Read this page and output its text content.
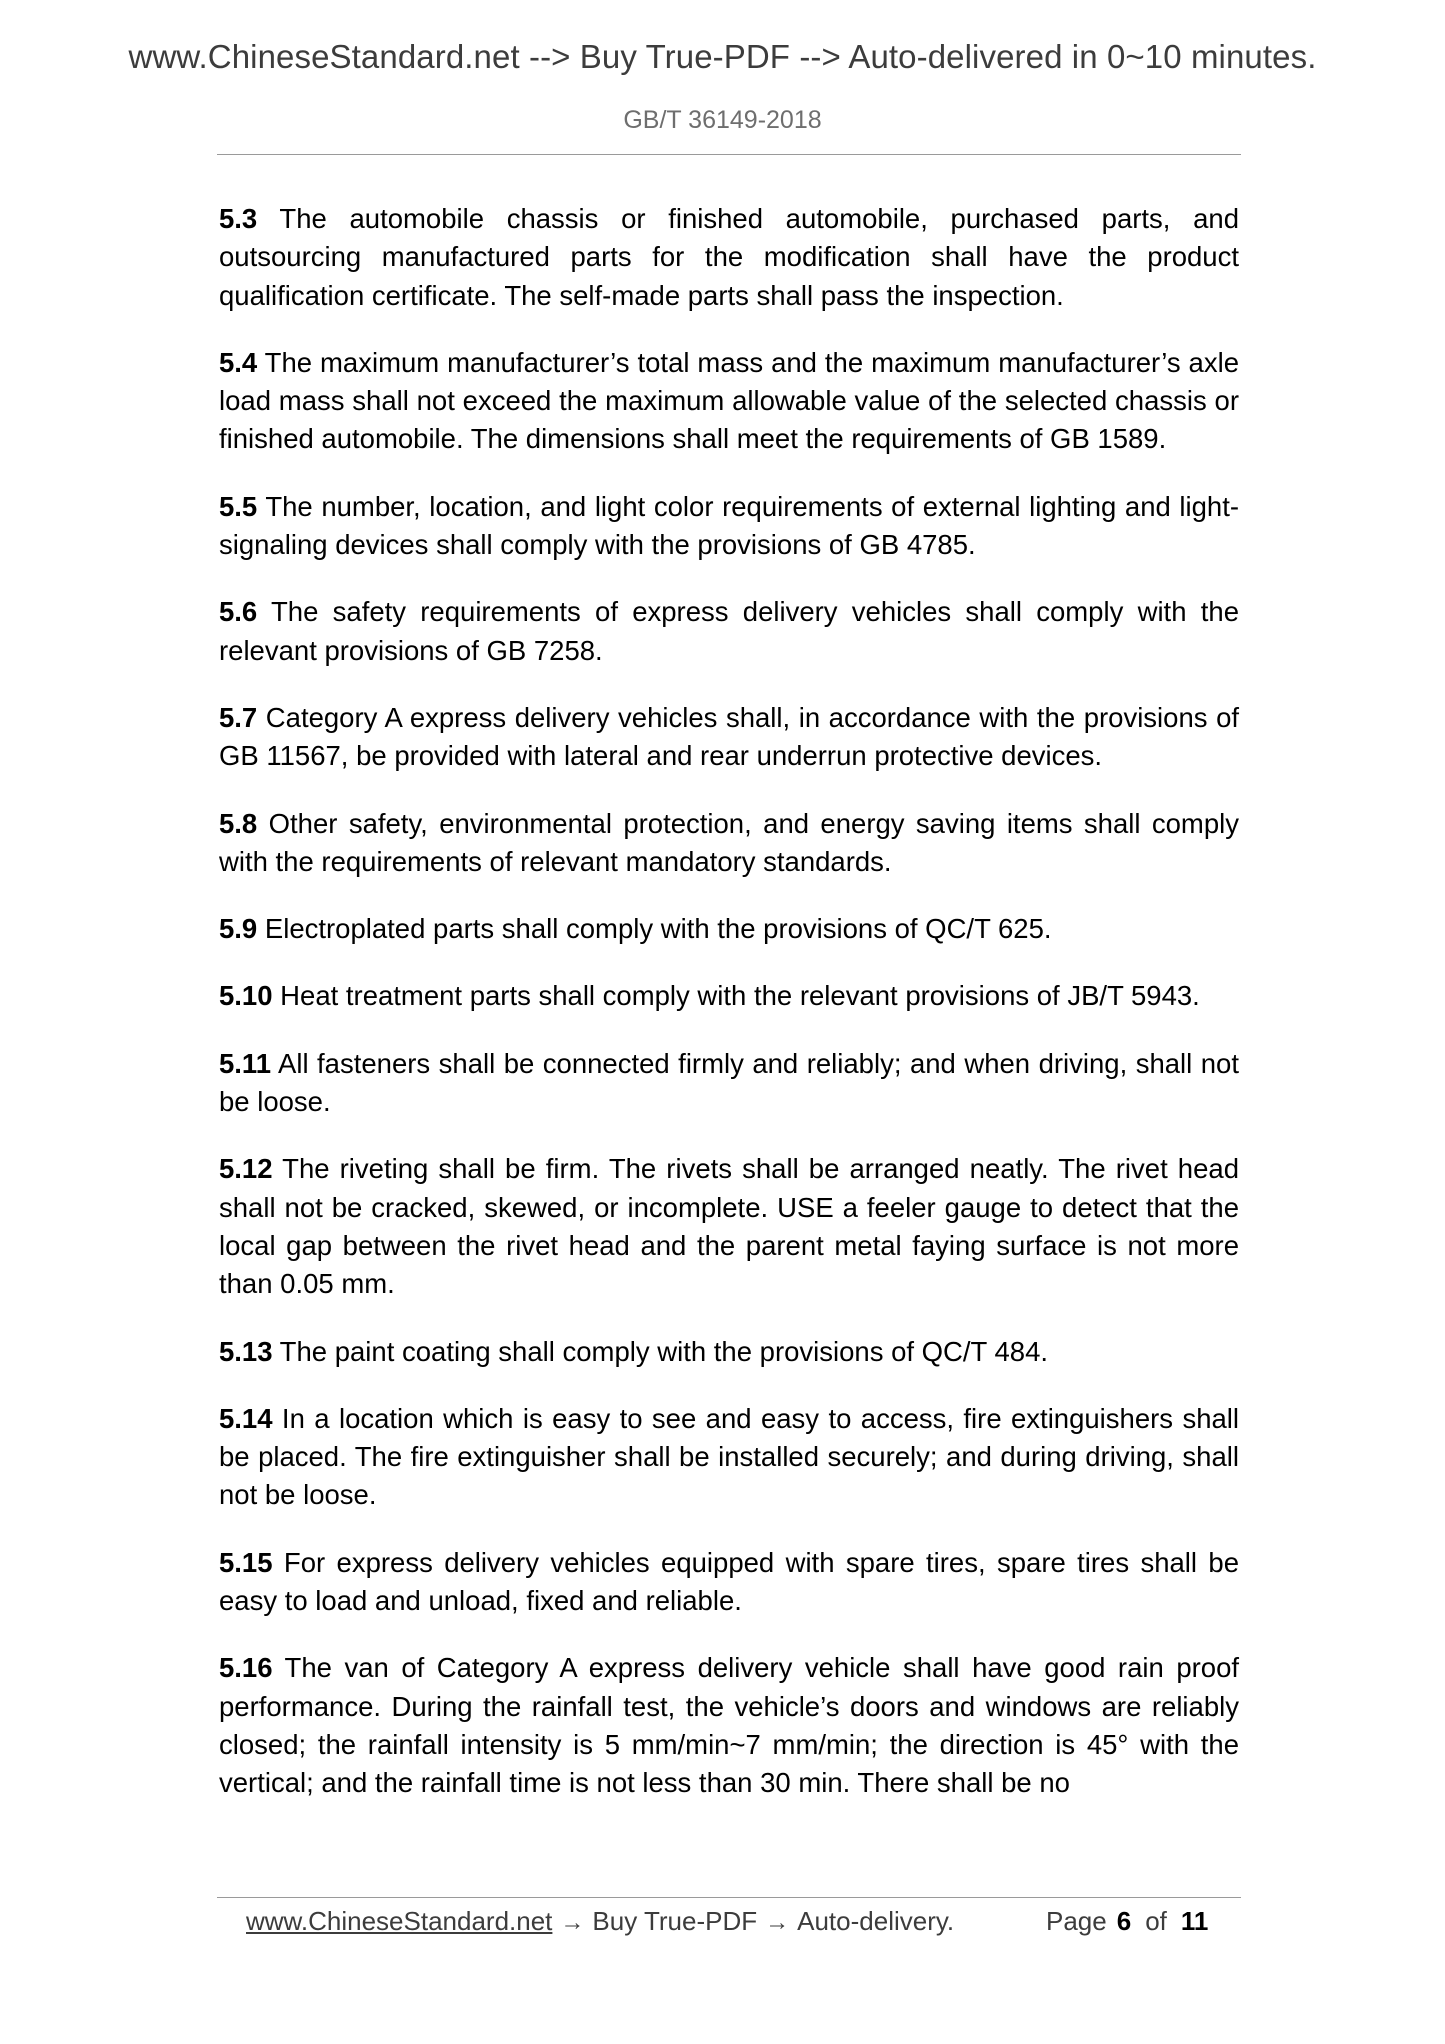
www.ChineseStandard.net --> Buy True-PDF --> Auto-delivered in 0~10 minutes.
GB/T 36149-2018

5.3 The automobile chassis or finished automobile, purchased parts, and outsourcing manufactured parts for the modification shall have the product qualification certificate. The self-made parts shall pass the inspection.

5.4 The maximum manufacturer’s total mass and the maximum manufacturer’s axle load mass shall not exceed the maximum allowable value of the selected chassis or finished automobile. The dimensions shall meet the requirements of GB 1589.

5.5 The number, location, and light color requirements of external lighting and light-signaling devices shall comply with the provisions of GB 4785.

5.6 The safety requirements of express delivery vehicles shall comply with the relevant provisions of GB 7258.

5.7 Category A express delivery vehicles shall, in accordance with the provisions of GB 11567, be provided with lateral and rear underrun protective devices.

5.8 Other safety, environmental protection, and energy saving items shall comply with the requirements of relevant mandatory standards.

5.9 Electroplated parts shall comply with the provisions of QC/T 625.

5.10 Heat treatment parts shall comply with the relevant provisions of JB/T 5943.

5.11 All fasteners shall be connected firmly and reliably; and when driving, shall not be loose.

5.12 The riveting shall be firm. The rivets shall be arranged neatly. The rivet head shall not be cracked, skewed, or incomplete. USE a feeler gauge to detect that the local gap between the rivet head and the parent metal faying surface is not more than 0.05 mm.

5.13 The paint coating shall comply with the provisions of QC/T 484.

5.14 In a location which is easy to see and easy to access, fire extinguishers shall be placed. The fire extinguisher shall be installed securely; and during driving, shall not be loose.

5.15 For express delivery vehicles equipped with spare tires, spare tires shall be easy to load and unload, fixed and reliable.

5.16 The van of Category A express delivery vehicle shall have good rain proof performance. During the rainfall test, the vehicle’s doors and windows are reliably closed; the rainfall intensity is 5 mm/min~7 mm/min; the direction is 45° with the vertical; and the rainfall time is not less than 30 min. There shall be no

www.ChineseStandard.net → Buy True-PDF → Auto-delivery.	Page 6 of 11
